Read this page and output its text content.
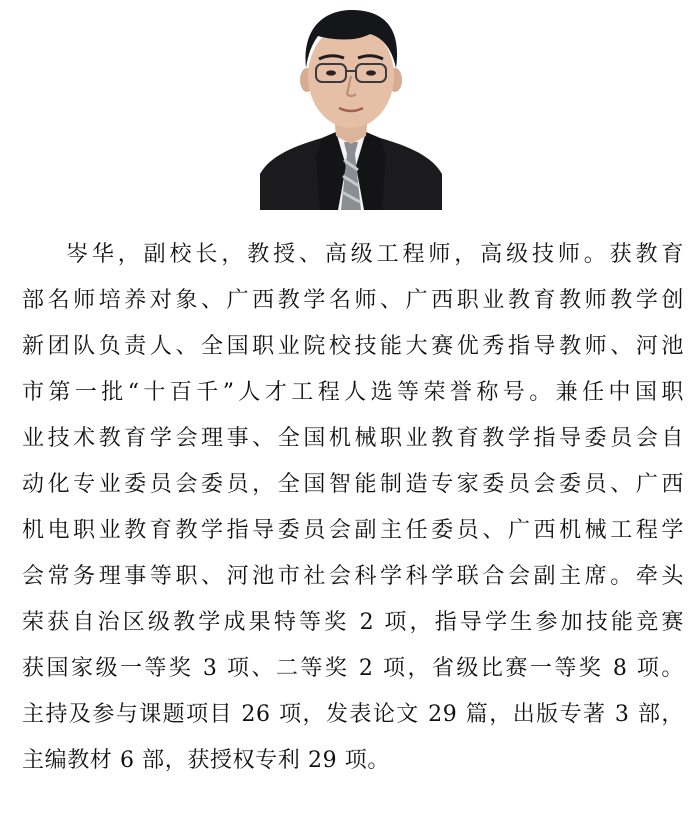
岑华，副校长，教授、高级工程师，高级技师。获教育
部名师培养对象、广西教学名师、广西职业教育教师教学创
新团队负责人、全国职业院校技能大赛优秀指导教师、河池
市第一批“十百千”人才工程人选等荣誉称号。兼任中国职
业技术教育学会理事、全国机械职业教育教学指导委员会自
动化专业委员会委员，全国智能制造专家委员会委员、广西
机电职业教育教学指导委员会副主任委员、广西机械工程学
会常务理事等职、河池市社会科学科学联合会副主席。牵头
荣获自治区级教学成果特等奖 2 项，指导学生参加技能竞赛
获国家级一等奖 3 项、二等奖 2 项，省级比赛一等奖 8 项。
主持及参与课题项目 26 项，发表论文 29 篇，出版专著 3 部，
主编教材 6 部，获授权专利 29 项。
